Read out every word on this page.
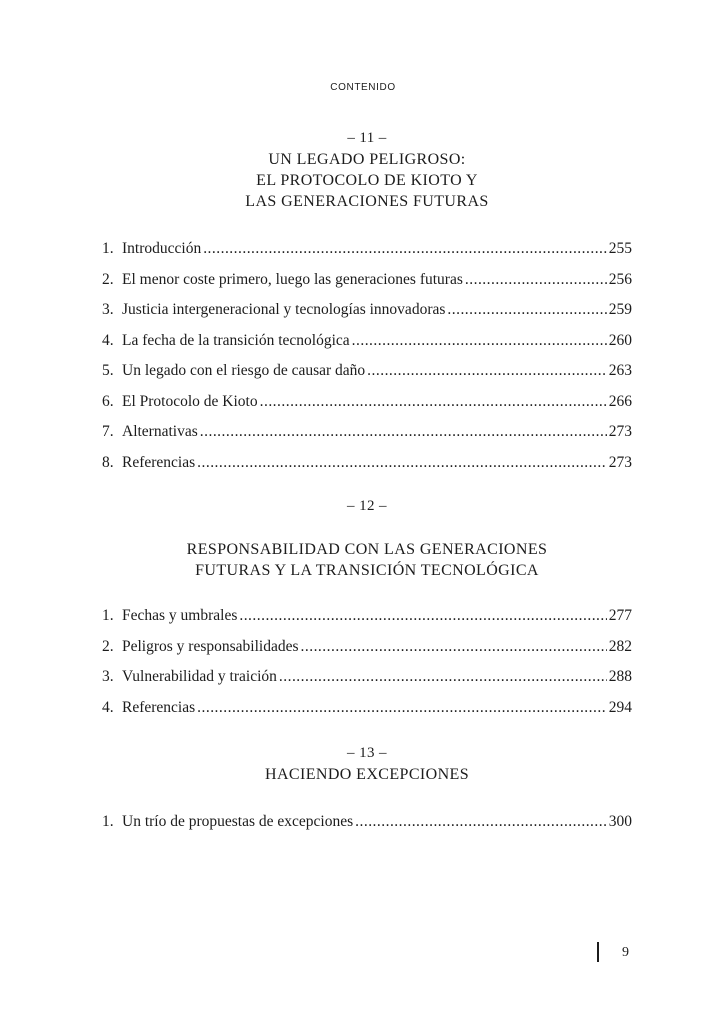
CONTENIDO
– 11 –
UN LEGADO PELIGROSO:
EL PROTOCOLO DE KIOTO Y
LAS GENERACIONES FUTURAS
1. Introducción . . .	255
2. El menor coste primero, luego las generaciones futuras . . .	256
3. Justicia intergeneracional y tecnologías innovadoras . . .	259
4. La fecha de la transición tecnológica . . .	260
5. Un legado con el riesgo de causar daño . . .	263
6. El Protocolo de Kioto . . .	266
7. Alternativas . . .	273
8. Referencias . . .	273
– 12 –
RESPONSABILIDAD CON LAS GENERACIONES
FUTURAS Y LA TRANSICIÓN TECNOLÓGICA
1. Fechas y umbrales . . .	277
2. Peligros y responsabilidades . . .	282
3. Vulnerabilidad y traición . . .	288
4. Referencias . . .	294
– 13 –
HACIENDO EXCEPCIONES
1. Un trío de propuestas de excepciones . . .	300
9
